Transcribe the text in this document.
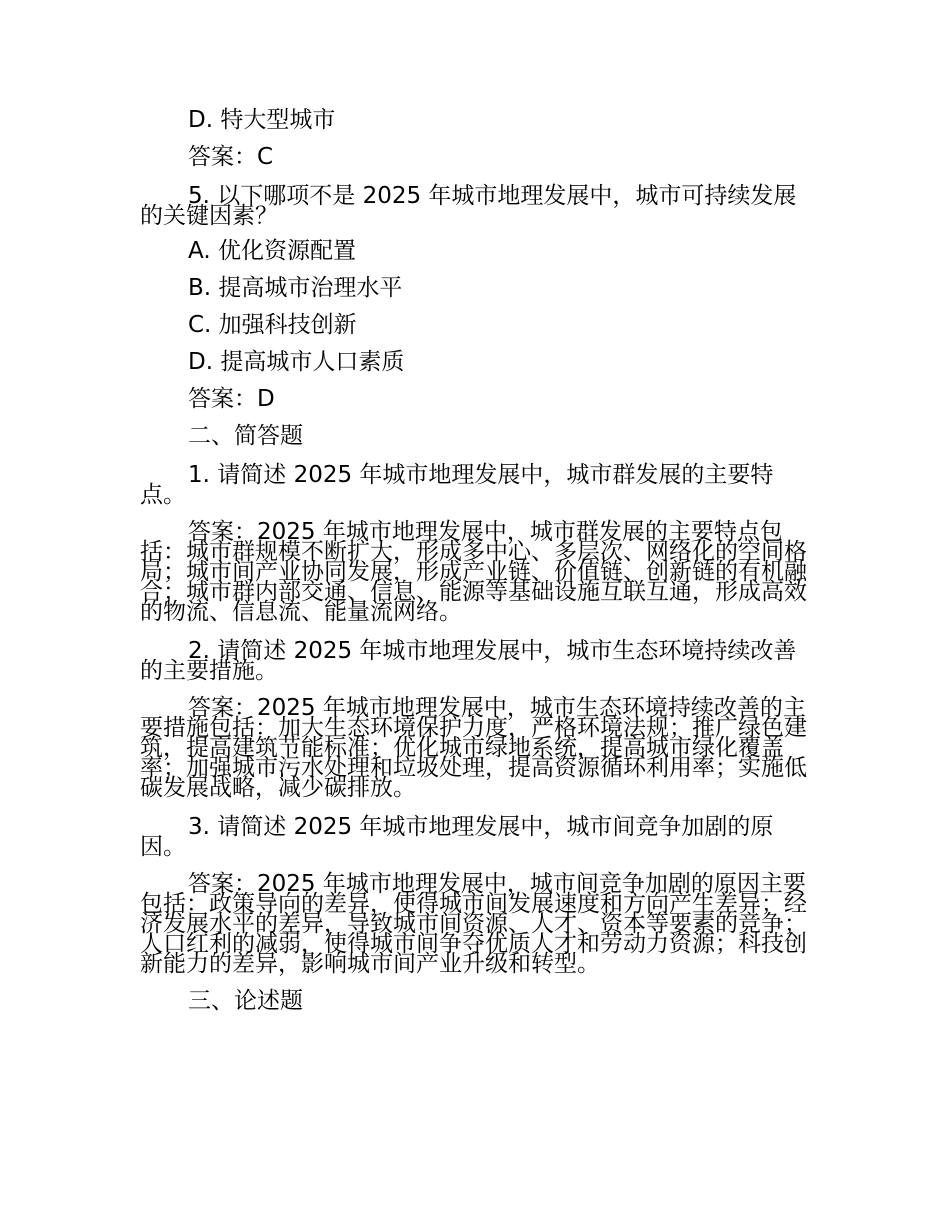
D. 特大型城市

答案：C

5. 以下哪项不是 2025 年城市地理发展中，城市可持续发展的关键因素？

A. 优化资源配置

B. 提高城市治理水平

C. 加强科技创新

D. 提高城市人口素质

答案：D

二、简答题

1. 请简述 2025 年城市地理发展中，城市群发展的主要特点。

答案：2025 年城市地理发展中，城市群发展的主要特点包括：城市群规模不断扩大，形成多中心、多层次、网络化的空间格局；城市间产业协同发展，形成产业链、价值链、创新链的有机融合；城市群内部交通、信息、能源等基础设施互联互通，形成高效的物流、信息流、能量流网络。

2. 请简述 2025 年城市地理发展中，城市生态环境持续改善的主要措施。

答案：2025 年城市地理发展中，城市生态环境持续改善的主要措施包括：加大生态环境保护力度，严格环境法规；推广绿色建筑，提高建筑节能标准；优化城市绿地系统，提高城市绿化覆盖率；加强城市污水处理和垃圾处理，提高资源循环利用率；实施低碳发展战略，减少碳排放。

3. 请简述 2025 年城市地理发展中，城市间竞争加剧的原因。

答案：2025 年城市地理发展中，城市间竞争加剧的原因主要包括：政策导向的差异，使得城市间发展速度和方向产生差异；经济发展水平的差异，导致城市间资源、人才、资本等要素的竞争；人口红利的减弱，使得城市间争夺优质人才和劳动力资源；科技创新能力的差异，影响城市间产业升级和转型。

三、论述题
